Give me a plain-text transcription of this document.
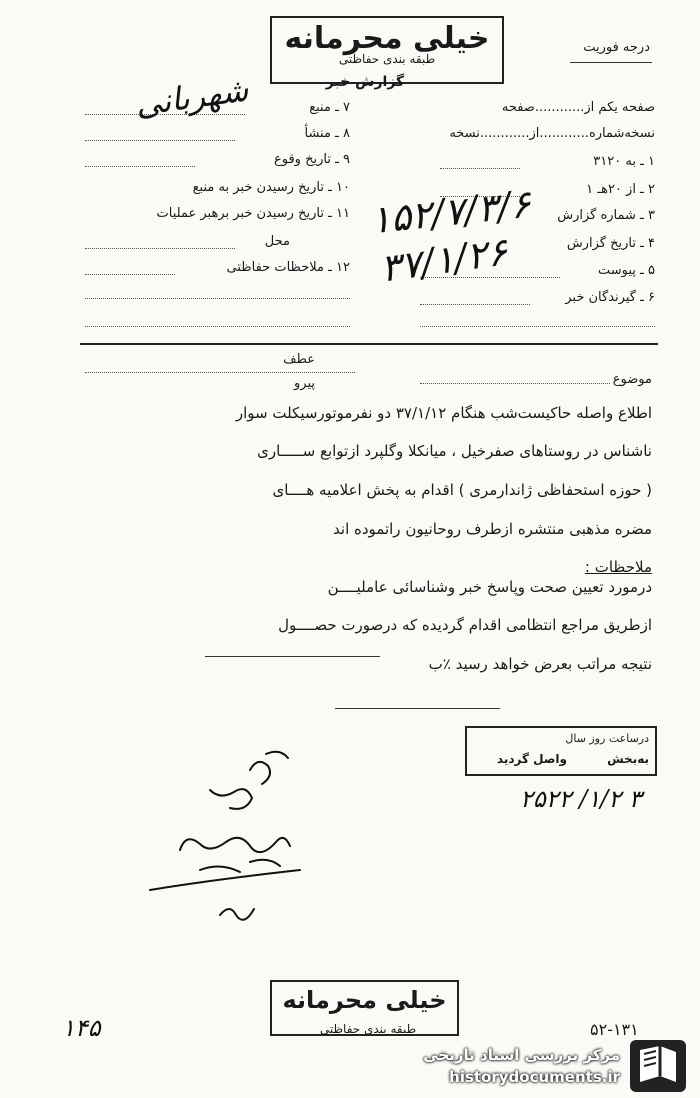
خیلی محرمانه
طبقه بندی حفاظتی
گزارش خبر
درجه فوریت
صفحه یکم از............صفحه
نسخه‌شماره............از............نسخه
۱ ـ به ۳۱۲۰
۲ ـ از ۲۰هـ ۱
۳ ـ شماره گزارش
۴ ـ تاریخ گزارش
۵ ـ پیوست
۶ ـ گیرندگان خبر
۷ ـ منبع
۸ ـ منشأ
۹ ـ تاریخ وقوع
۱۰ ـ تاریخ رسیدن خبر به منبع
۱۱ ـ تاریخ رسیدن خبر برهبر عملیات
محل
۱۲ ـ ملاحظات حفاظتی
شهربانی
۱۵۲/۷/۳/۶
۳۷/۱/۲۶
عطف
پیرو	موضوع
اطلاع واصله حاکیست‌شب هنگام ۳۷/۱/۱۲ دو نفرموتورسیکلت سوار
ناشناس در روستاهای صفرخیل ، میانکلا وگلپرد ازتوابع ســـــاری
( حوزه استحفاظی ژاندارمری ) اقدام به پخش اعلامیه هــــای
مضره مذهبی منتشره ازطرف روحانیون راتموده اند
ملاحظات :
درمورد تعیین صحت وپاسخ خبر وشناسائی عاملیــــن
ازطریق مراجع انتظامی اقدام گردیده که درصورت حصــــول
نتیجه مراتب بعرض خواهد رسید ٪ب
درساعت روز سال
به‌بخش
واصل گردید
۲۵۲۲ /۱/۲ ۳
خیلی محرمانه
طبقه بندی حفاظتی
۱۴۵	۵۲-۱۳۱
مرکز بررسی اسناد تاریخی
historydocuments.ir
